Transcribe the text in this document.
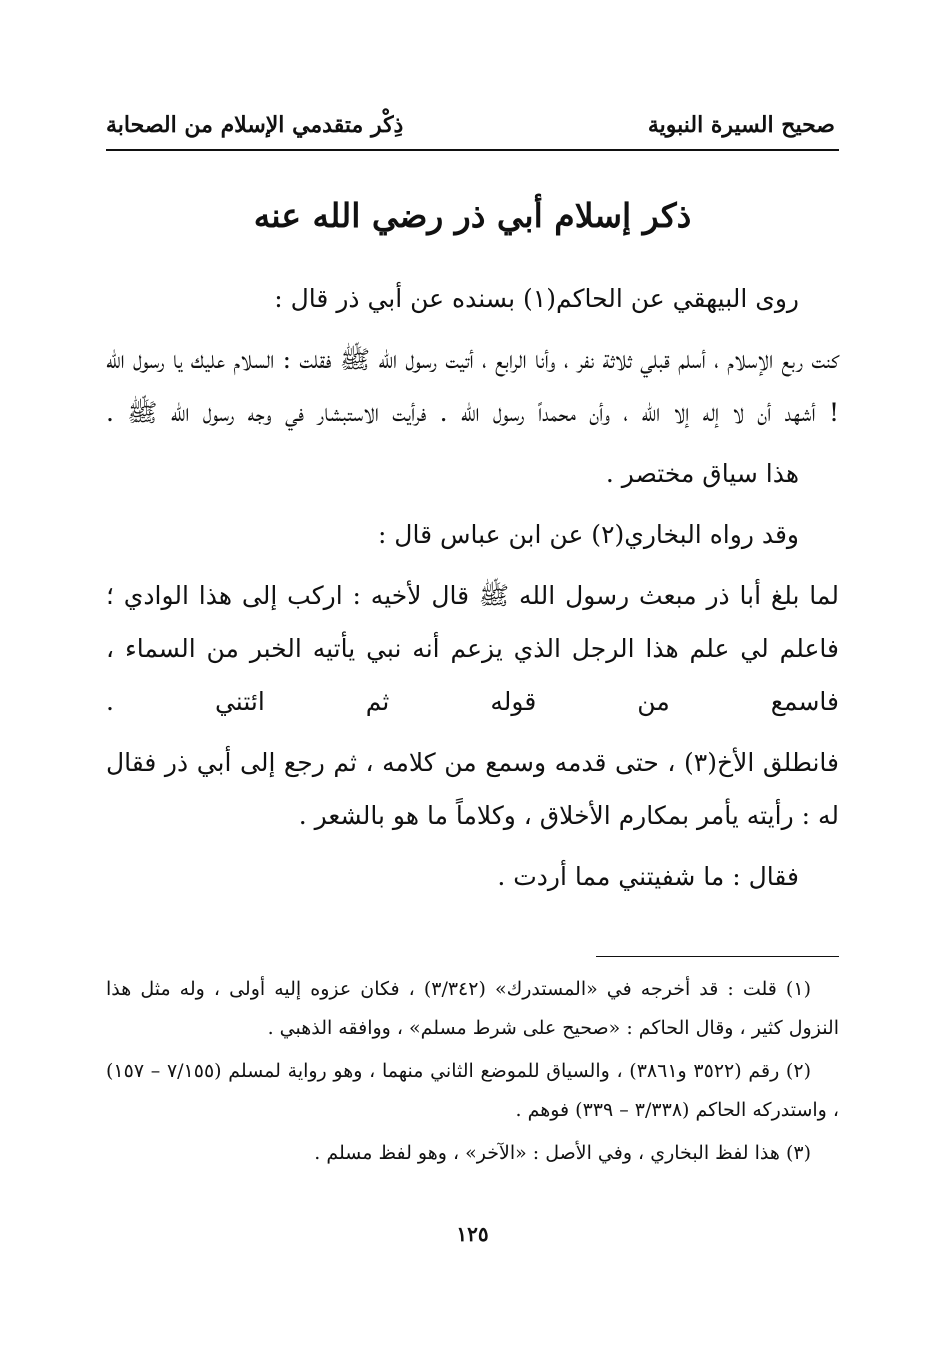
صحيح السيرة النبوية
ذِكْر متقدمي الإسلام من الصحابة
ذكر إسلام أبي ذر رضي الله عنه

روى البيهقي عن الحاكم(١) بسنده عن أبي ذر قال :

كنت ربع الإسلام ، أسلم قبلي ثلاثة نفر ، وأنا الرابع ، أتيت رسول الله ﷺ فقلت : السلام عليك يا رسول الله ! أشهد أن لا إله إلا الله ، وأن محمداً رسول الله . فرأيت الاستبشار في وجه رسول الله ﷺ .

هذا سياق مختصر .

وقد رواه البخاري(٢) عن ابن عباس قال :

لما بلغ أبا ذر مبعث رسول الله ﷺ قال لأخيه : اركب إلى هذا الوادي ؛ فاعلم لي علم هذا الرجل الذي يزعم أنه نبي يأتيه الخبر من السماء ، فاسمع من قوله ثم ائتني .

فانطلق الأخ(٣) ، حتى قدمه وسمع من كلامه ، ثم رجع إلى أبي ذر فقال له : رأيته يأمر بمكارم الأخلاق ، وكلاماً ما هو بالشعر .

فقال : ما شفيتني مما أردت .

(١) قلت : قد أخرجه في «المستدرك» (٣/٣٤٢) ، فكان عزوه إليه أولى ، وله مثل هذا النزول كثير ، وقال الحاكم : «صحيح على شرط مسلم» ، ووافقه الذهبي .

(٢) رقم (٣٥٢٢ و٣٨٦١) ، والسياق للموضع الثاني منهما ، وهو رواية لمسلم (٧/١٥٥ – ١٥٧) ، واستدركه الحاكم (٣/٣٣٨ – ٣٣٩) فوهم .

(٣) هذا لفظ البخاري ، وفي الأصل : «الآخر» ، وهو لفظ مسلم .

١٢٥
